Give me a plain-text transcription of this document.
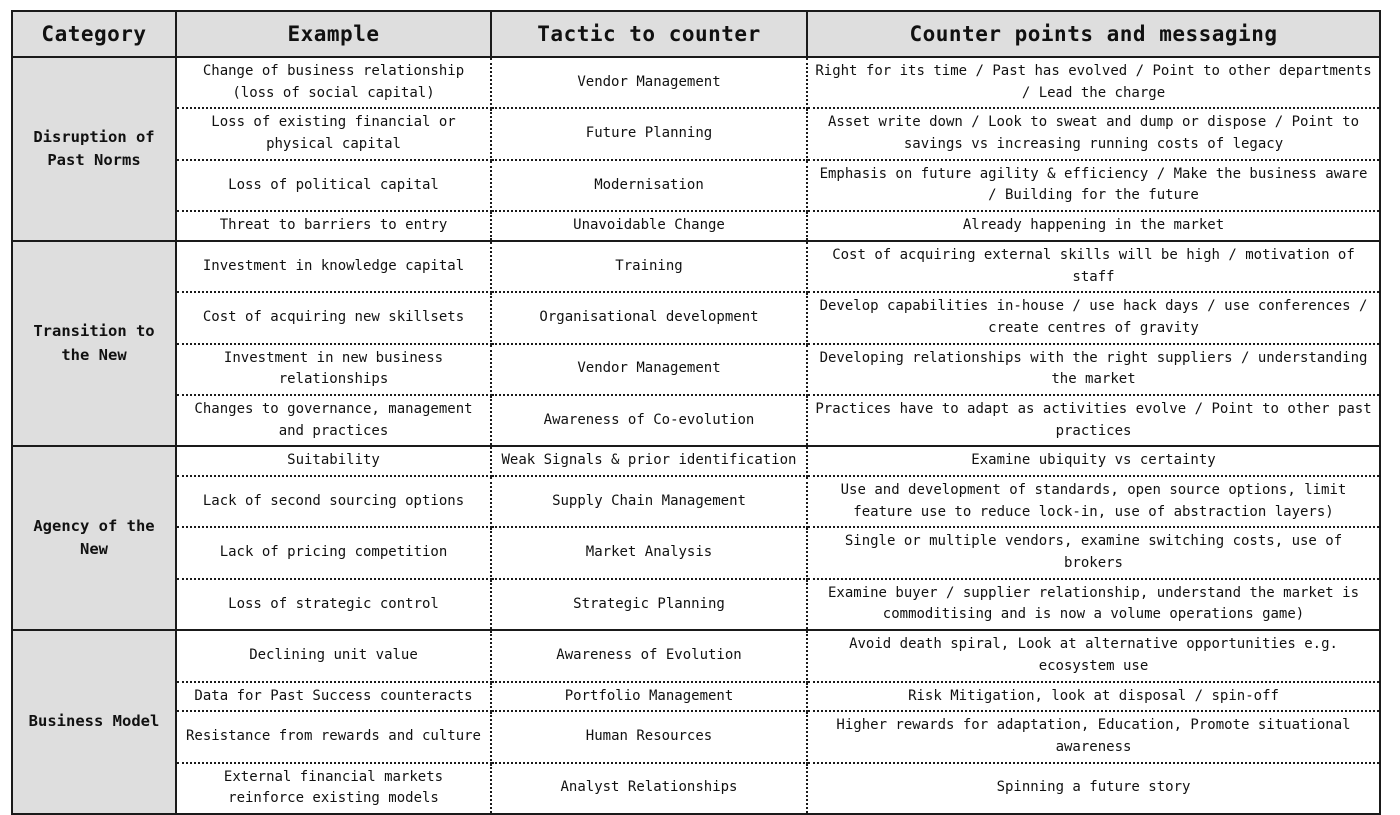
Category	Example	Tactic to counter	Counter points and messaging
Disruption of Past Norms	Change of business relationship (loss of social capital)	Vendor Management	Right for its time / Past has evolved / Point to other departments / Lead the charge

	Loss of existing financial or physical capital	Future Planning	Asset write down / Look to sweat and dump or dispose / Point to savings vs increasing running costs of legacy

	Loss of political capital	Modernisation	Emphasis on future agility & efficiency / Make the business aware / Building for the future

	Threat to barriers to entry	Unavoidable Change	Already happening in the market

Transition to the New	Investment in knowledge capital	Training	Cost of acquiring external skills will be high / motivation of staff

	Cost of acquiring new skillsets	Organisational development	Develop capabilities in-house / use hack days / use conferences / create centres of gravity

	Investment in new business relationships	Vendor Management	Developing relationships with the right suppliers / understanding the market

	Changes to governance, management and practices	Awareness of Co-evolution	Practices have to adapt as activities evolve / Point to other past practices

Agency of the New	Suitability	Weak Signals & prior identification	Examine ubiquity vs certainty

	Lack of second sourcing options	Supply Chain Management	Use and development of standards, open source options, limit feature use to reduce lock-in, use of abstraction layers)

	Lack of pricing competition	Market Analysis	Single or multiple vendors, examine switching costs, use of brokers

	Loss of strategic control	Strategic Planning	Examine buyer / supplier relationship, understand the market is commoditising and is now a volume operations game)

Business Model	Declining unit value	Awareness of Evolution	Avoid death spiral, Look at alternative opportunities e.g. ecosystem use

	Data for Past Success counteracts	Portfolio Management	Risk Mitigation, look at disposal / spin-off

	Resistance from rewards and culture	Human Resources	Higher rewards for adaptation, Education, Promote situational awareness

	External financial markets reinforce existing models	Analyst Relationships	Spinning a future story
